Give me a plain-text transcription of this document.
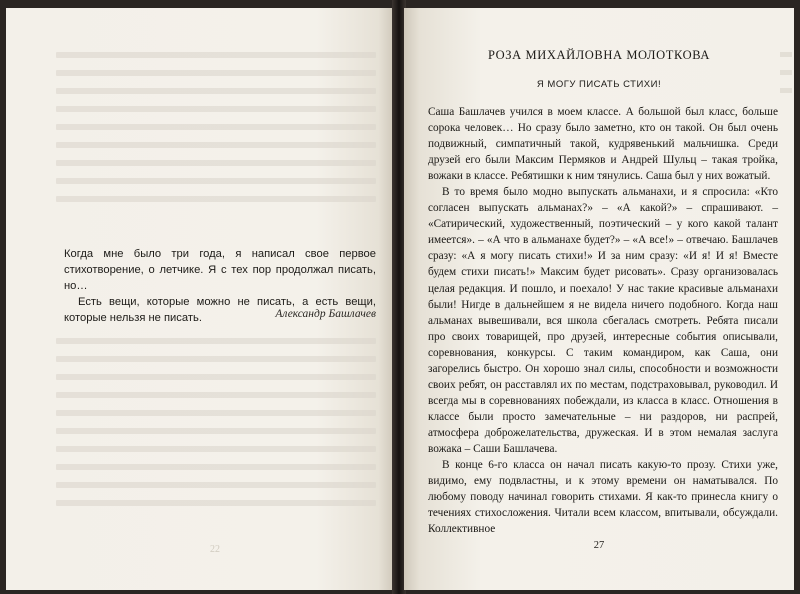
Когда мне было три года, я написал свое первое стихотворение, о летчике. Я с тех пор продолжал писать, но…

Есть вещи, которые можно не писать, а есть вещи, которые нельзя не писать.	Александр Башлачев
22
РОЗА МИХАЙЛОВНА МОЛОТКОВА
Я МОГУ ПИСАТЬ СТИХИ!

Саша Башлачев учился в моем классе. А большой был класс, больше сорока человек… Но сразу было заметно, кто он такой. Он был очень подвижный, симпатичный такой, кудрявенький мальчишка. Среди друзей его были Максим Пермяков и Андрей Шульц – такая тройка, вожаки в классе. Ребятишки к ним тянулись. Саша был у них вожатый.

В то время было модно выпускать альманахи, и я спросила: «Кто согласен выпускать альманах?» – «А какой?» – спрашивают. – «Сатирический, художественный, поэтический – у кого какой талант имеется». – «А что в альманахе будет?» – «А все!» – отвечаю. Башлачев сразу: «А я могу писать стихи!» И за ним сразу: «И я! И я! Вместе будем стихи писать!» Максим будет рисовать». Сразу организовалась целая редакция. И пошло, и поехало! У нас такие красивые альманахи были! Нигде в дальнейшем я не видела ничего подобного. Когда наш альманах вывешивали, вся школа сбегалась смотреть. Ребята писали про своих товарищей, про друзей, интересные события описывали, соревнования, конкурсы. С таким командиром, как Саша, они загорелись быстро. Он хорошо знал силы, способности и возможности своих ребят, он расставлял их по местам, подстраховывал, руководил. И всегда мы в соревнованиях побеждали, из класса в класс. Отношения в классе были просто замечательные – ни раздоров, ни распрей, атмосфера доброжелательства, дружеская. И в этом немалая заслуга вожака – Саши Башлачева.

В конце 6-го класса он начал писать какую-то прозу. Стихи уже, видимо, ему подвластны, и к этому времени он наматывался. По любому поводу начинал говорить стихами. Я как-то принесла книгу о течениях стихосложения. Читали всем классом, впитывали, обсуждали. Коллективное

27
